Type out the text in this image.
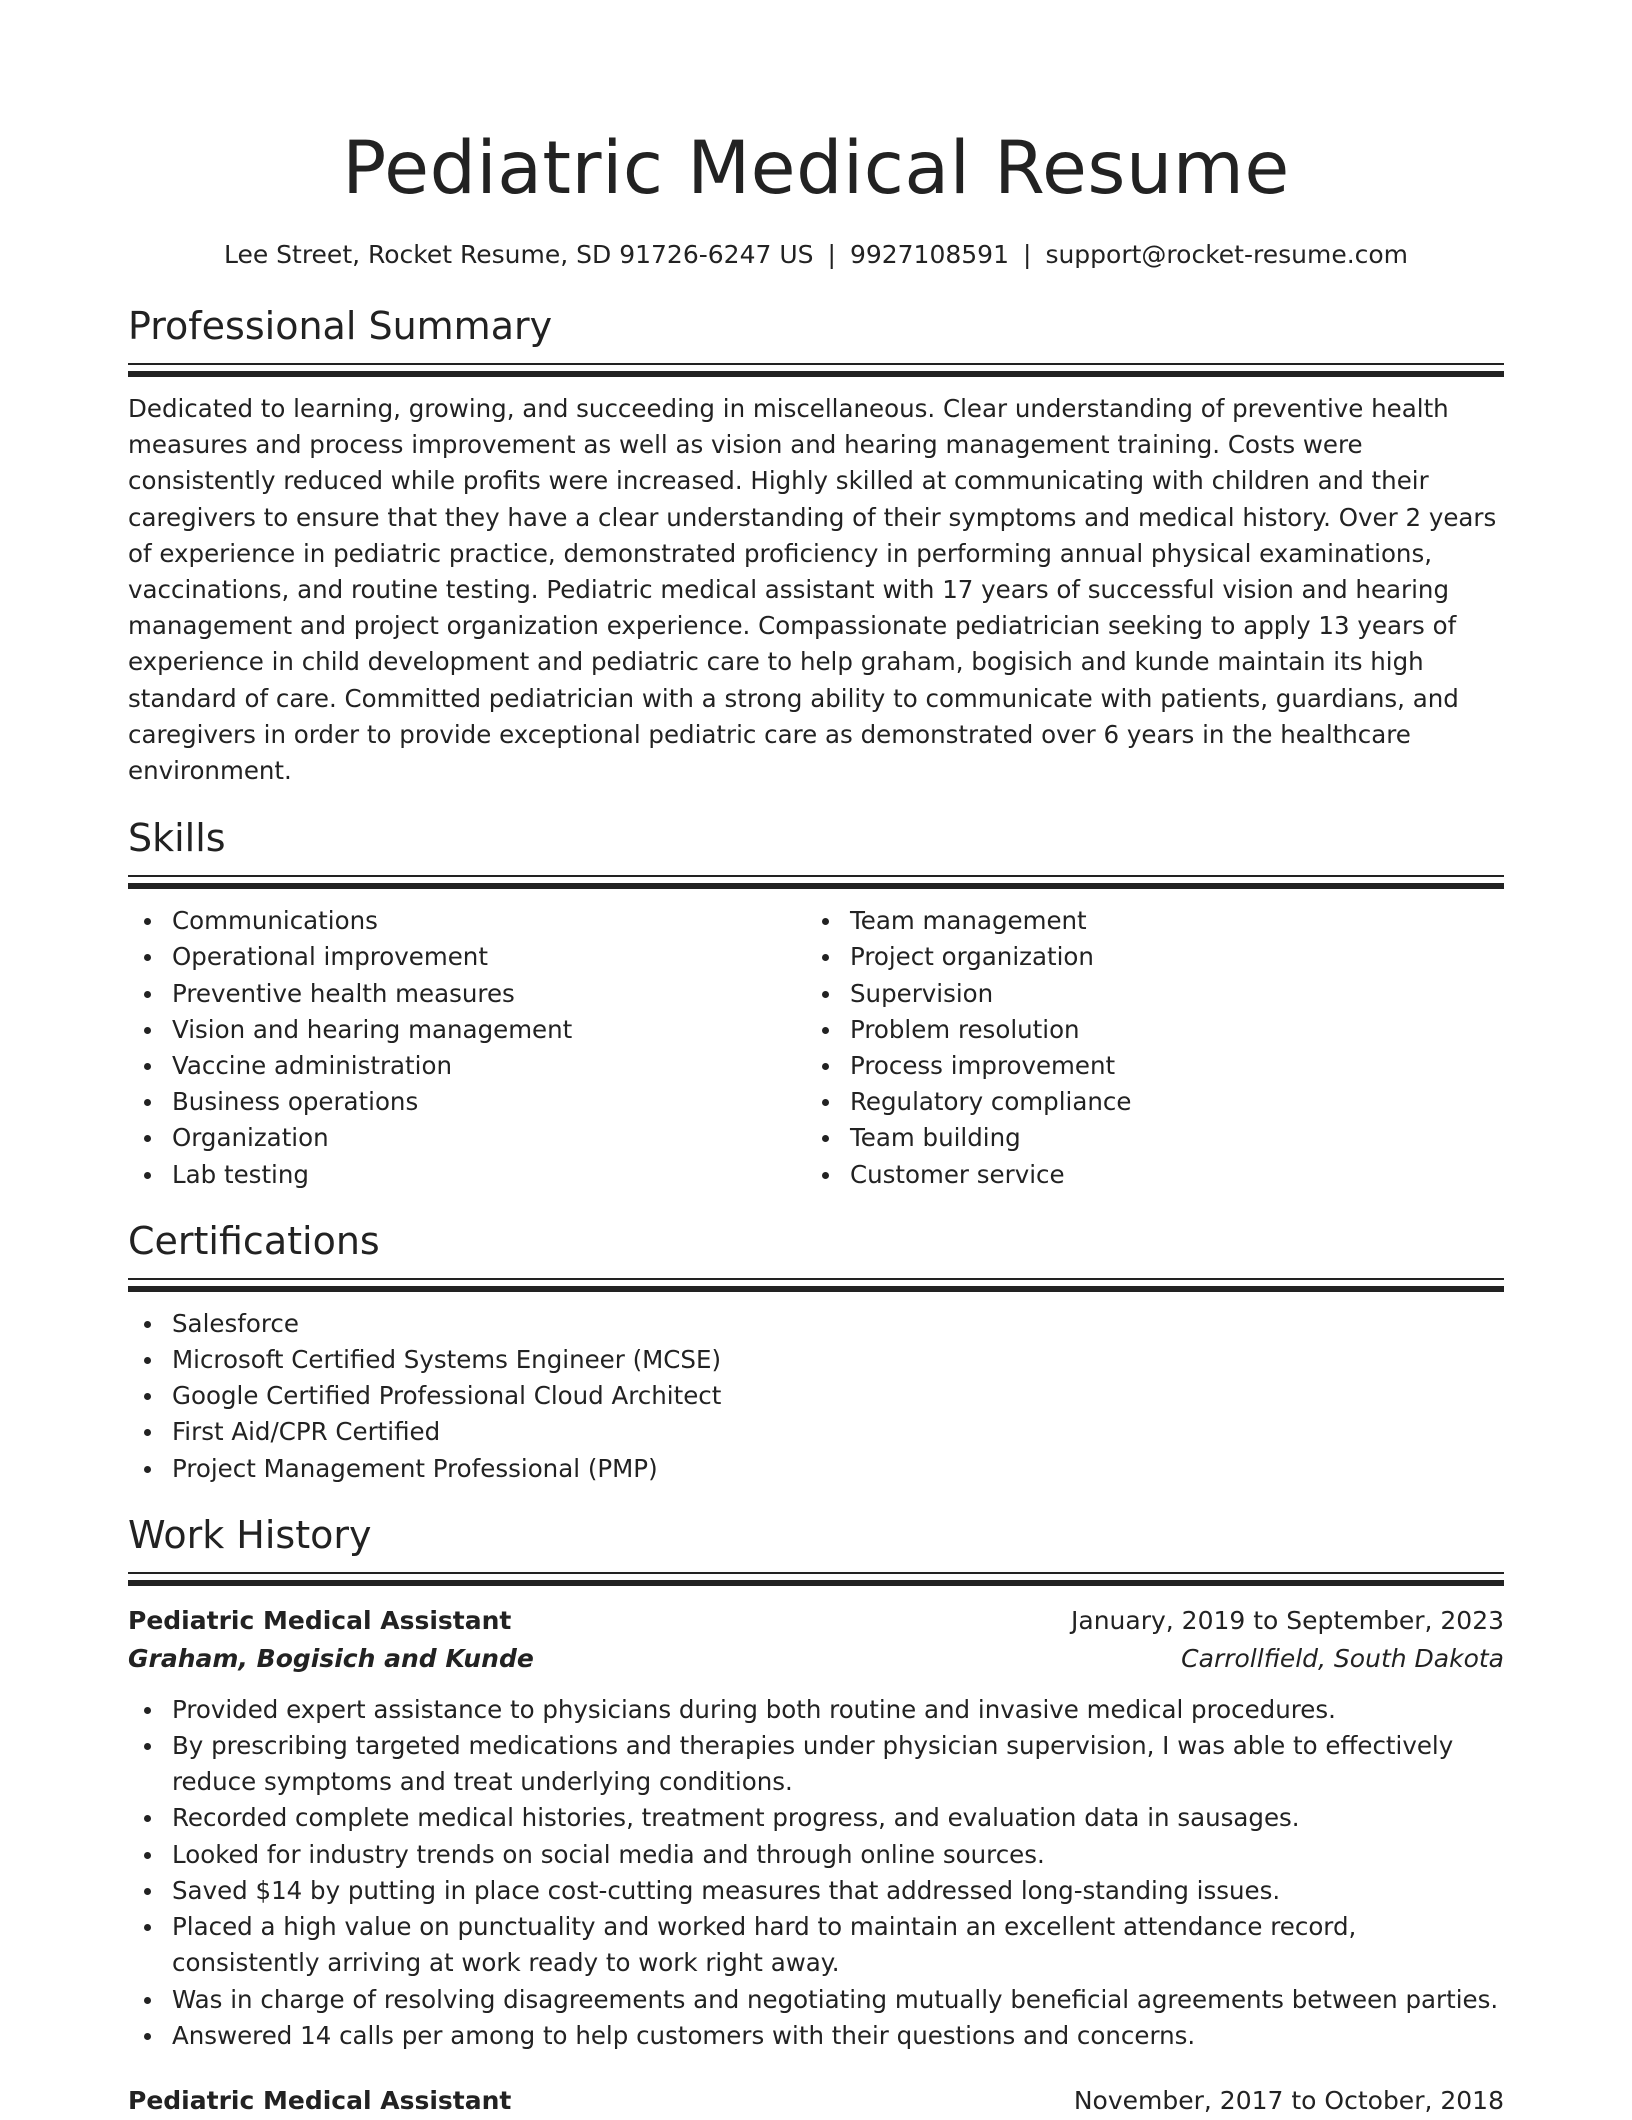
Pediatric Medical Resume
Lee Street, Rocket Resume, SD 91726-6247 US | 9927108591 | support@rocket-resume.com
Professional Summary

Dedicated to learning, growing, and succeeding in miscellaneous. Clear understanding of preventive health measures and process improvement as well as vision and hearing management training. Costs were consistently reduced while profits were increased. Highly skilled at communicating with children and their caregivers to ensure that they have a clear understanding of their symptoms and medical history. Over 2 years of experience in pediatric practice, demonstrated proficiency in performing annual physical examinations, vaccinations, and routine testing. Pediatric medical assistant with 17 years of successful vision and hearing management and project organization experience. Compassionate pediatrician seeking to apply 13 years of experience in child development and pediatric care to help graham, bogisich and kunde maintain its high standard of care. Committed pediatrician with a strong ability to communicate with patients, guardians, and caregivers in order to provide exceptional pediatric care as demonstrated over 6 years in the healthcare environment.

Skills
Communications
Operational improvement
Preventive health measures
Vision and hearing management
Vaccine administration
Business operations
Organization
Lab testing
Team management
Project organization
Supervision
Problem resolution
Process improvement
Regulatory compliance
Team building
Customer service
Certifications
Salesforce
Microsoft Certified Systems Engineer (MCSE)
Google Certified Professional Cloud Architect
First Aid/CPR Certified
Project Management Professional (PMP)
Work History
Pediatric Medical Assistant	January, 2019 to September, 2023
Graham, Bogisich and Kunde	Carrollfield, South Dakota
Provided expert assistance to physicians during both routine and invasive medical procedures.
By prescribing targeted medications and therapies under physician supervision, I was able to effectively reduce symptoms and treat underlying conditions.
Recorded complete medical histories, treatment progress, and evaluation data in sausages.
Looked for industry trends on social media and through online sources.
Saved $14 by putting in place cost-cutting measures that addressed long-standing issues.
Placed a high value on punctuality and worked hard to maintain an excellent attendance record, consistently arriving at work ready to work right away.
Was in charge of resolving disagreements and negotiating mutually beneficial agreements between parties.
Answered 14 calls per among to help customers with their questions and concerns.
Pediatric Medical Assistant	November, 2017 to October, 2018
